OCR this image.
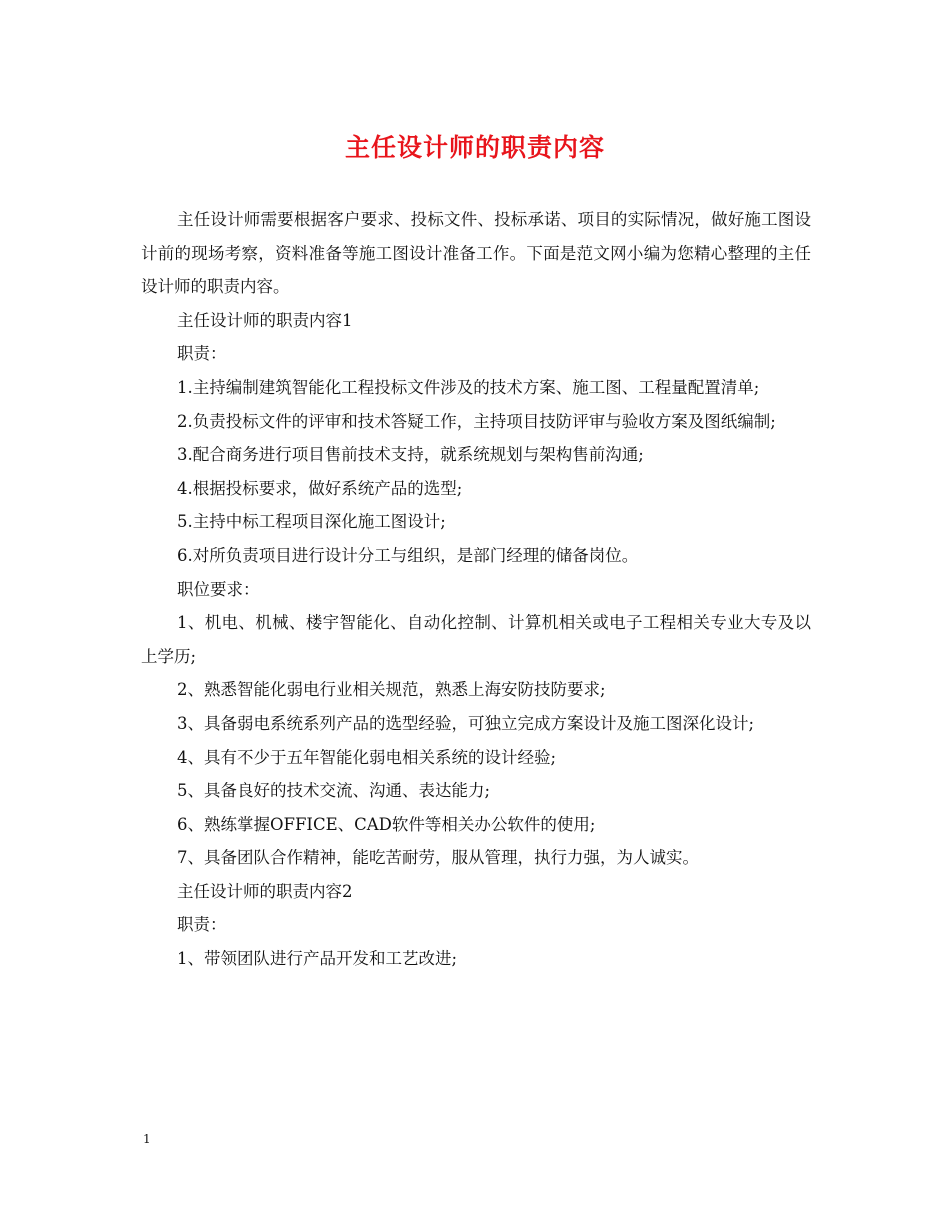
主任设计师的职责内容

主任设计师需要根据客户要求、投标文件、投标承诺、项目的实际情况，做好施工图设计前的现场考察，资料准备等施工图设计准备工作。下面是范文网小编为您精心整理的主任设计师的职责内容。

主任设计师的职责内容1

职责：

1.主持编制建筑智能化工程投标文件涉及的技术方案、施工图、工程量配置清单;

2.负责投标文件的评审和技术答疑工作，主持项目技防评审与验收方案及图纸编制;

3.配合商务进行项目售前技术支持，就系统规划与架构售前沟通;

4.根据投标要求，做好系统产品的选型;

5.主持中标工程项目深化施工图设计;

6.对所负责项目进行设计分工与组织，是部门经理的储备岗位。

职位要求：

1、机电、机械、楼宇智能化、自动化控制、计算机相关或电子工程相关专业大专及以上学历;

2、熟悉智能化弱电行业相关规范，熟悉上海安防技防要求;

3、具备弱电系统系列产品的选型经验，可独立完成方案设计及施工图深化设计;

4、具有不少于五年智能化弱电相关系统的设计经验;

5、具备良好的技术交流、沟通、表达能力;

6、熟练掌握OFFICE、CAD软件等相关办公软件的使用;

7、具备团队合作精神，能吃苦耐劳，服从管理，执行力强，为人诚实。

主任设计师的职责内容2

职责：

1、带领团队进行产品开发和工艺改进;

1
